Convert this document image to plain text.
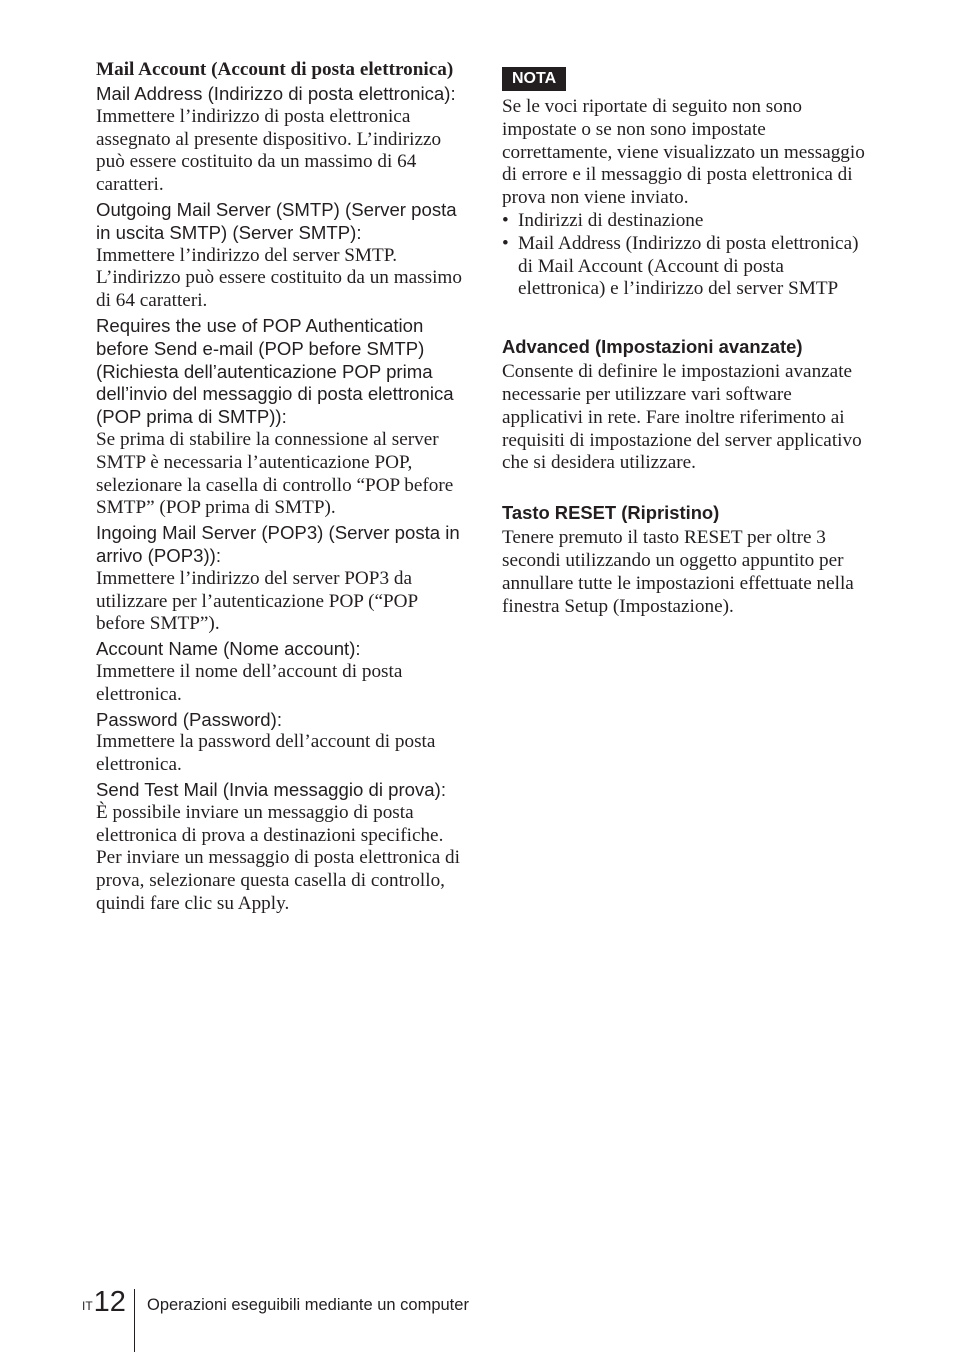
Mail Account (Account di posta elettronica)

Mail Address (Indirizzo di posta elettronica):

Immettere l’indirizzo di posta elettronica assegnato al presente dispositivo. L’indirizzo può essere costituito da un massimo di 64 caratteri.

Outgoing Mail Server (SMTP) (Server posta in uscita SMTP) (Server SMTP):

Immettere l’indirizzo del server SMTP. L’indirizzo può essere costituito da un massimo di 64 caratteri.

Requires the use of POP Authentication before Send e-mail (POP before SMTP) (Richiesta dell’autenticazione POP prima dell’invio del messaggio di posta elettronica (POP prima di SMTP)):

Se prima di stabilire la connessione al server SMTP è necessaria l’autenticazione POP, selezionare la casella di controllo “POP before SMTP” (POP prima di SMTP).

Ingoing Mail Server (POP3) (Server posta in arrivo (POP3)):

Immettere l’indirizzo del server POP3 da utilizzare per l’autenticazione POP (“POP before SMTP”).

Account Name (Nome account):

Immettere il nome dell’account di posta elettronica.

Password (Password):

Immettere la password dell’account di posta elettronica.

Send Test Mail (Invia messaggio di prova):

È possibile inviare un messaggio di posta elettronica di prova a destinazioni specifiche. Per inviare un messaggio di posta elettronica di prova, selezionare questa casella di controllo, quindi fare clic su Apply.

NOTA

Se le voci riportate di seguito non sono impostate o se non sono impostate correttamente, viene visualizzato un messaggio di errore e il messaggio di posta elettronica di prova non viene inviato.

• Indirizzi di destinazione
• Mail Address (Indirizzo di posta elettronica) di Mail Account (Account di posta elettronica) e l’indirizzo del server SMTP

Advanced (Impostazioni avanzate)

Consente di definire le impostazioni avanzate necessarie per utilizzare vari software applicativi in rete. Fare inoltre riferimento ai requisiti di impostazione del server applicativo che si desidera utilizzare.

Tasto RESET (Ripristino)

Tenere premuto il tasto RESET per oltre 3 secondi utilizzando un oggetto appuntito per annullare tutte le impostazioni effettuate nella finestra Setup (Impostazione).

$^{IT}$12 Operazioni eseguibili mediante un computer
